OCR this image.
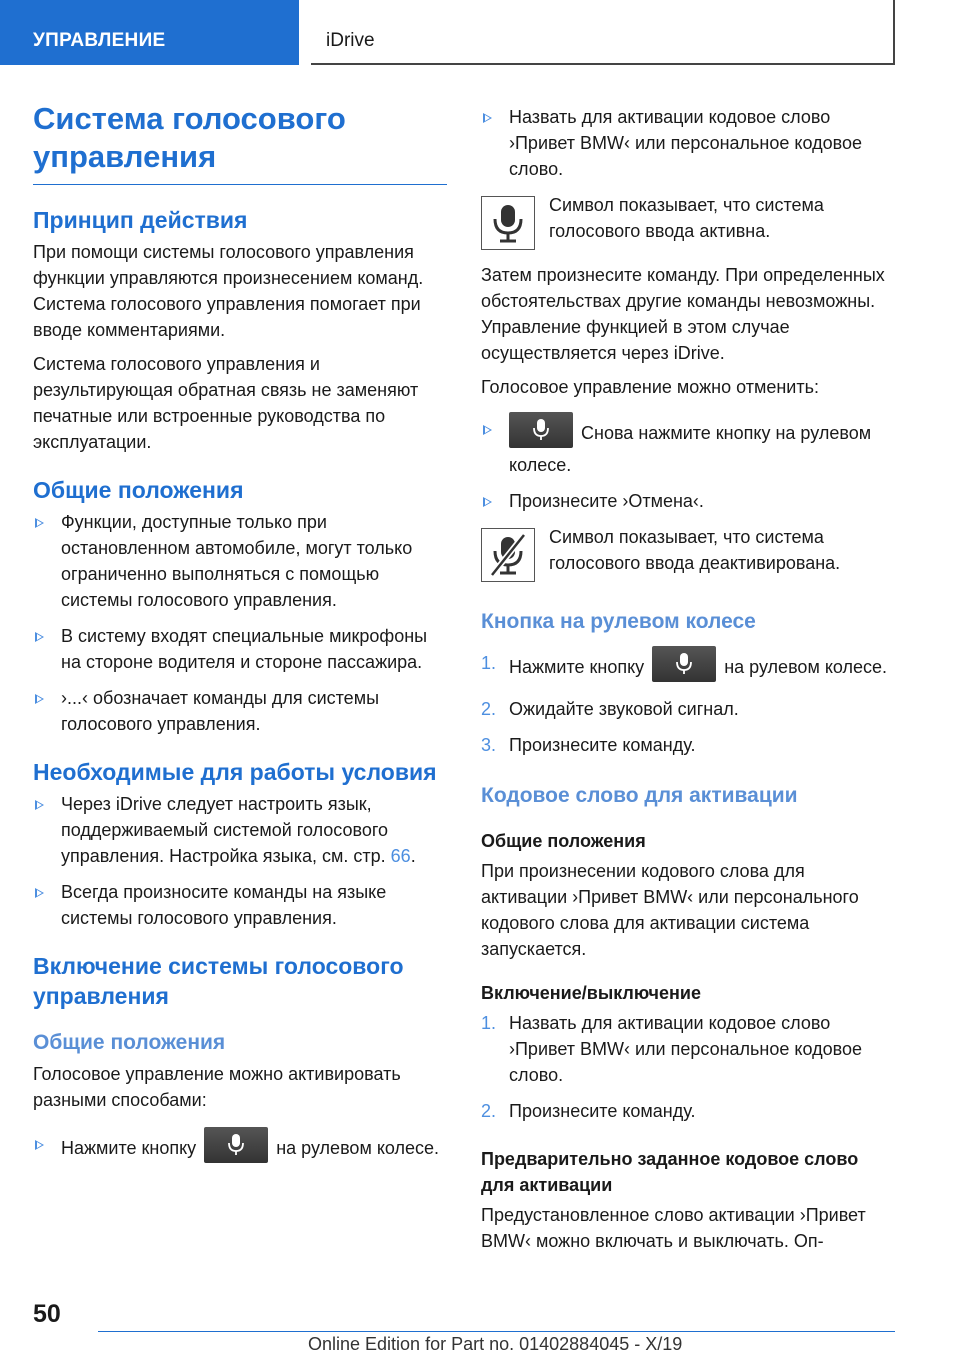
УПРАВЛЕНИЕ	iDrive
Система голосового управления
Принцип действия

При помощи системы голосового управления функции управляются произнесением команд. Система голосового управления помогает при вводе комментариями.

Система голосового управления и результирующая обратная связь не заменяют печатные или встроенные руководства по эксплуатации.

Общие положения
Функции, доступные только при остановленном автомобиле, могут только ограниченно выполняться с помощью системы голосового управления.
В систему входят специальные микрофоны на стороне водителя и стороне пассажира.
›...‹ обозначает команды для системы голосового управления.
Необходимые для работы условия
Через iDrive следует настроить язык, поддерживаемый системой голосового управления. Настройка языка, см. стр. 66.
Всегда произносите команды на языке системы голосового управления.
Включение системы голосового управления
Общие положения

Голосовое управление можно активировать разными способами:

Нажмите кнопку	на рулевом колесе.
Назвать для активации кодовое слово ›Привет BMW‹ или персональное кодовое слово.
Символ показывает, что система голосового ввода активна.

Затем произнесите команду. При определенных обстоятельствах другие команды невозможны. Управление функцией в этом случае осуществляется через iDrive.

Голосовое управление можно отменить:

Снова нажмите кнопку на рулевом колесе.
Произнесите ›Отмена‹.
Символ показывает, что система голосового ввода деактивирована.
Кнопка на рулевом колесе
1. Нажмите кнопку	на рулевом колесе.
2. Ожидайте звуковой сигнал.
3. Произнесите команду.
Кодовое слово для активации
Общие положения

При произнесении кодового слова для активации ›Привет BMW‹ или персонального кодового слова для активации система запускается.

Включение/выключение
1. Назвать для активации кодовое слово ›Привет BMW‹ или персональное кодовое слово.
2. Произнесите команду.
Предварительно заданное кодовое слово для активации

Предустановленное слово активации ›Привет BMW‹ можно включать и выключать. Оп-

50
Online Edition for Part no. 01402884045 - X/19
